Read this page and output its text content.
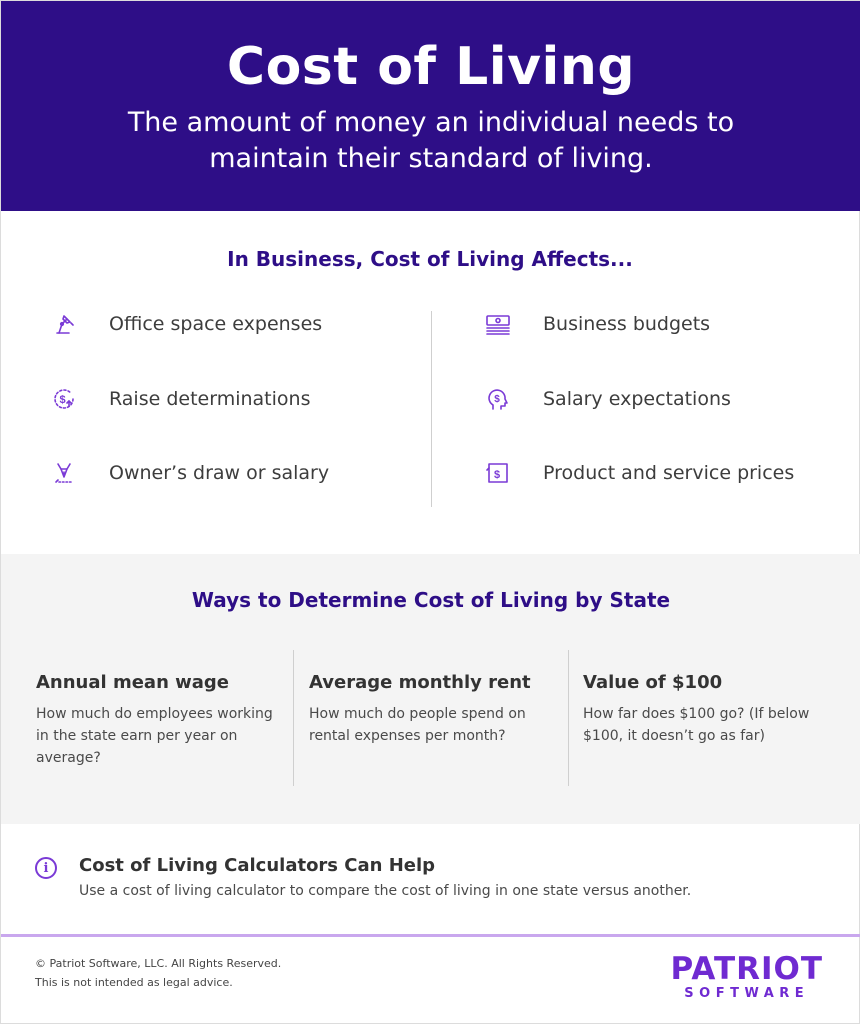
Cost of Living
The amount of money an individual needs to maintain their standard of living.
In Business, Cost of Living Affects...
Office space expenses
$ Raise determinations
Owner’s draw or salary
Business budgets
$ Salary expectations
$ Product and service prices
Ways to Determine Cost of Living by State
Annual mean wage
How much do employees working in the state earn per year on average?
Average monthly rent
How much do people spend on rental expenses per month?
Value of $100
How far does $100 go? (If below $100, it doesn’t go as far)
i	Cost of Living Calculators Can Help
Use a cost of living calculator to compare the cost of living in one state versus another.
© Patriot Software, LLC. All Rights Reserved.
This is not intended as legal advice.	PATRIOT
SOFTWARE
